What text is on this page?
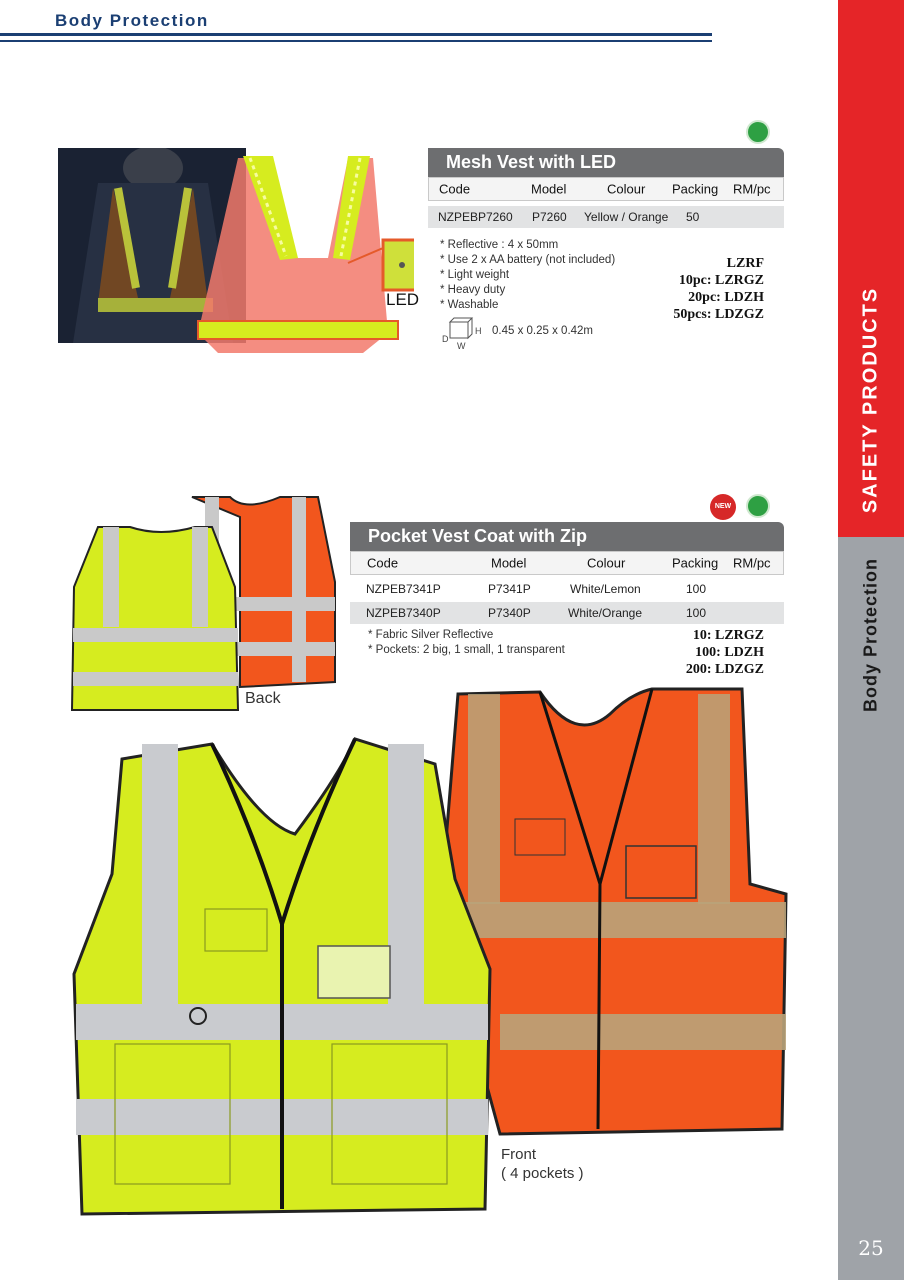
Body Protection
SAFETY PRODUCTS
Body Protection
25
LED
Mesh Vest with LED
Code	Model	Colour Packing RM/pc
NZPEBP7260 P7260 Yellow / Orange 50
* Reflective : 4 x 50mm
* Use 2 x AA battery (not included)
* Light weight
* Heavy duty
* Washable
D
W
H 0.45 x 0.25 x 0.42m
LZRF
10pc: LZRGZ
20pc: LDZH
50pcs: LDZGZ
NEW
Pocket Vest Coat with Zip
Code	Model	Colour	Packing RM/pc
NZPEB7341P	P7341P	White/Lemon	100
NZPEB7340P	P7340P	White/Orange	100
* Fabric Silver Reflective
* Pockets: 2 big, 1 small, 1 transparent
10: LZRGZ
100: LDZH
200: LDZGZ
Back
Front
( 4 pockets )
